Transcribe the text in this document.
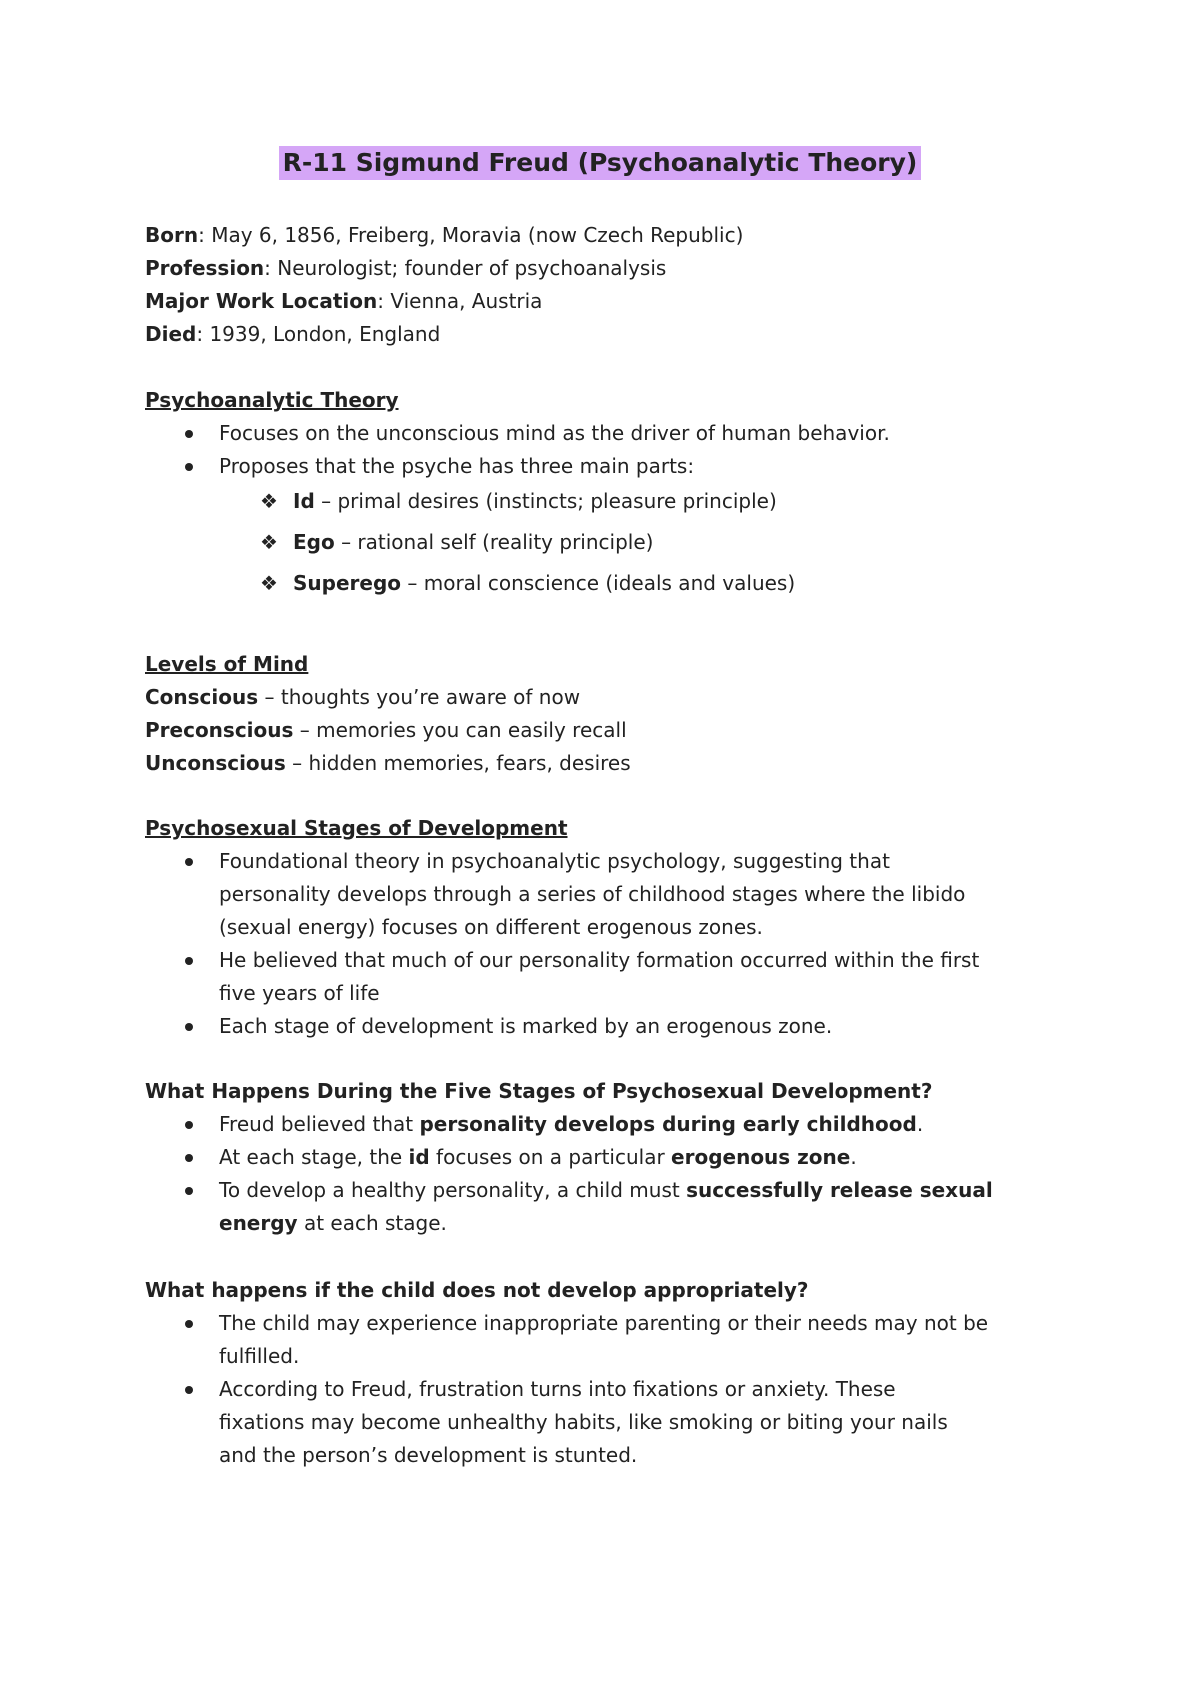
R-11 Sigmund Freud (Psychoanalytic Theory)
Born: May 6, 1856, Freiberg, Moravia (now Czech Republic)
Profession: Neurologist; founder of psychoanalysis
Major Work Location: Vienna, Austria
Died: 1939, London, England
Psychoanalytic Theory
Focuses on the unconscious mind as the driver of human behavior.
Proposes that the psyche has three main parts:
❖ Id – primal desires (instincts; pleasure principle)
❖ Ego – rational self (reality principle)
❖ Superego – moral conscience (ideals and values)
Levels of Mind
Conscious – thoughts you’re aware of now
Preconscious – memories you can easily recall
Unconscious – hidden memories, fears, desires
Psychosexual Stages of Development
Foundational theory in psychoanalytic psychology, suggesting that
personality develops through a series of childhood stages where the libido
(sexual energy) focuses on different erogenous zones.
He believed that much of our personality formation occurred within the first
five years of life
Each stage of development is marked by an erogenous zone.
What Happens During the Five Stages of Psychosexual Development?
Freud believed that personality develops during early childhood.
At each stage, the id focuses on a particular erogenous zone.
To develop a healthy personality, a child must successfully release sexual
energy at each stage.
What happens if the child does not develop appropriately?
The child may experience inappropriate parenting or their needs may not be
fulfilled.
According to Freud, frustration turns into fixations or anxiety. These
fixations may become unhealthy habits, like smoking or biting your nails
and the person’s development is stunted.
